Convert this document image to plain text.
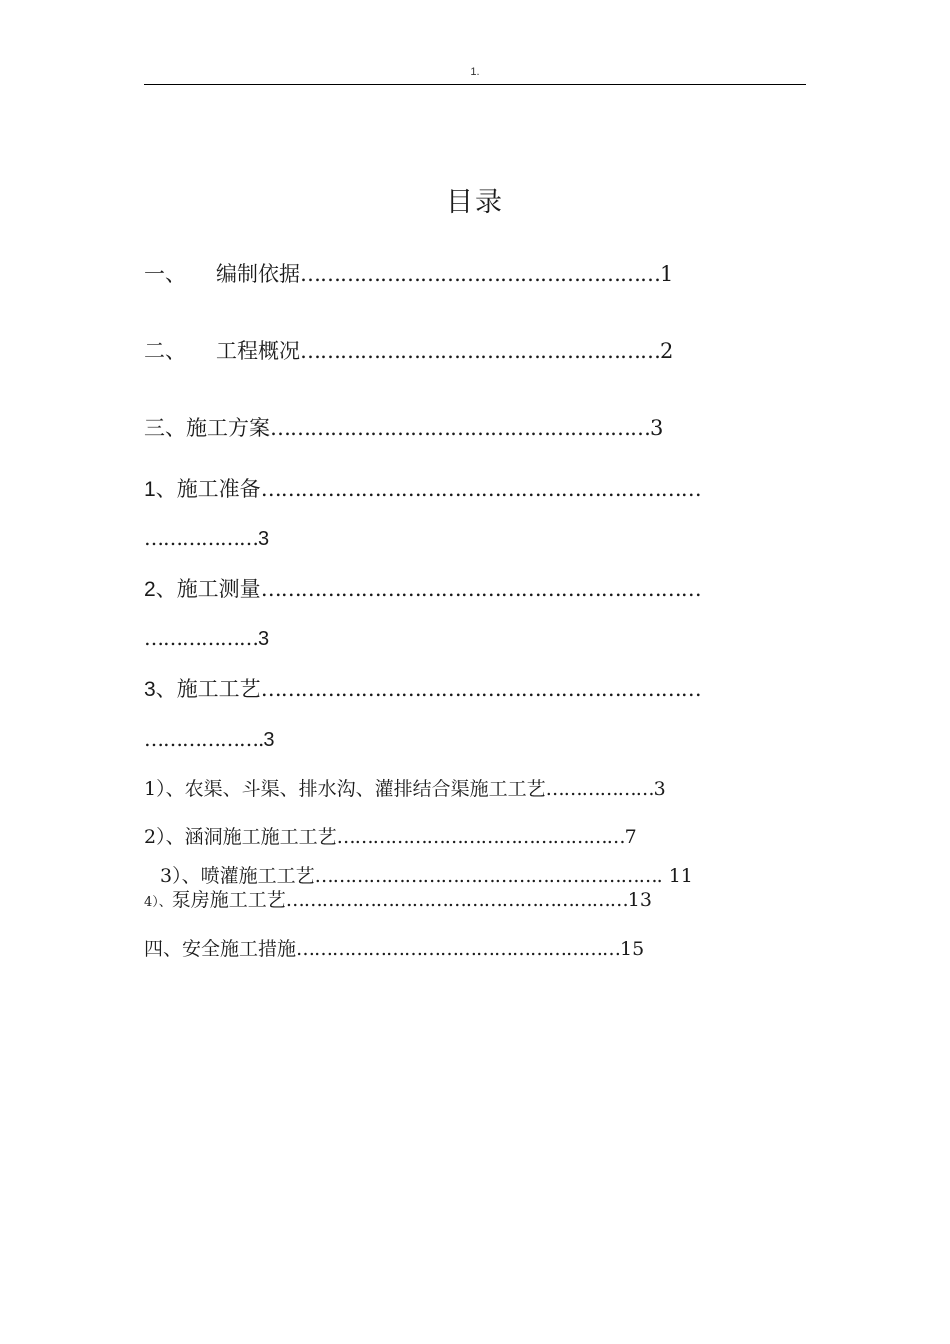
1.
目录
一、 编制依据………………………………………………1
二、 工程概况………………………………………………2
三、施工方案…………………………………………………3
1、施工准备…………………………………………………………
………………3
2、施工测量…………………………………………………………
………………3
3、施工工艺…………………………………………………………
……………….3
1）、农渠、斗渠、排水沟、灌排结合渠施工工艺………………3
2）、涵洞施工施工工艺…………………………………………7
3）、喷灌施工工艺…………………………………………………. 11
4）、泵房施工工艺…………………………………………………13
四、安全施工措施………………………………………………15
